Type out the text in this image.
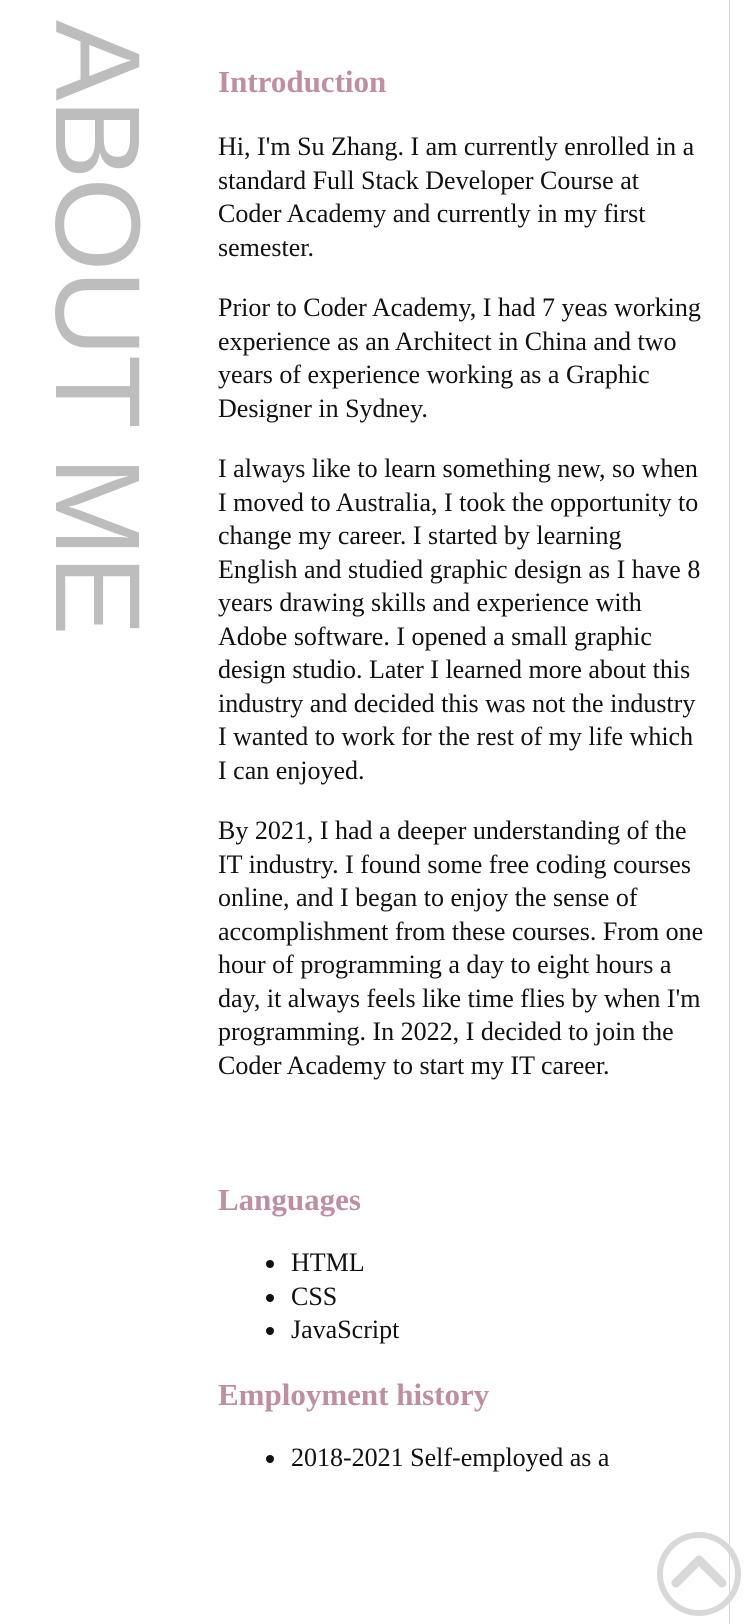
ABOUT ME Introduction

Hi, I'm Su Zhang. I am currently enrolled in a standard Full Stack Developer Course at Coder Academy and currently in my first semester.

Prior to Coder Academy, I had 7 yeas working experience as an Architect in China and two years of experience working as a Graphic Designer in Sydney.

I always like to learn something new, so when I moved to Australia, I took the opportunity to change my career. I started by learning English and studied graphic design as I have 8 years drawing skills and experience with Adobe software. I opened a small graphic design studio. Later I learned more about this industry and decided this was not the industry I wanted to work for the rest of my life which I can enjoyed.

By 2021, I had a deeper understanding of the IT industry. I found some free coding courses online, and I began to enjoy the sense of accomplishment from these courses. From one hour of programming a day to eight hours a day, it always feels like time flies by when I'm programming. In 2022, I decided to join the Coder Academy to start my IT career.

Languages
HTML
CSS
JavaScript
Employment history
2018-2021 Self-employed as a
